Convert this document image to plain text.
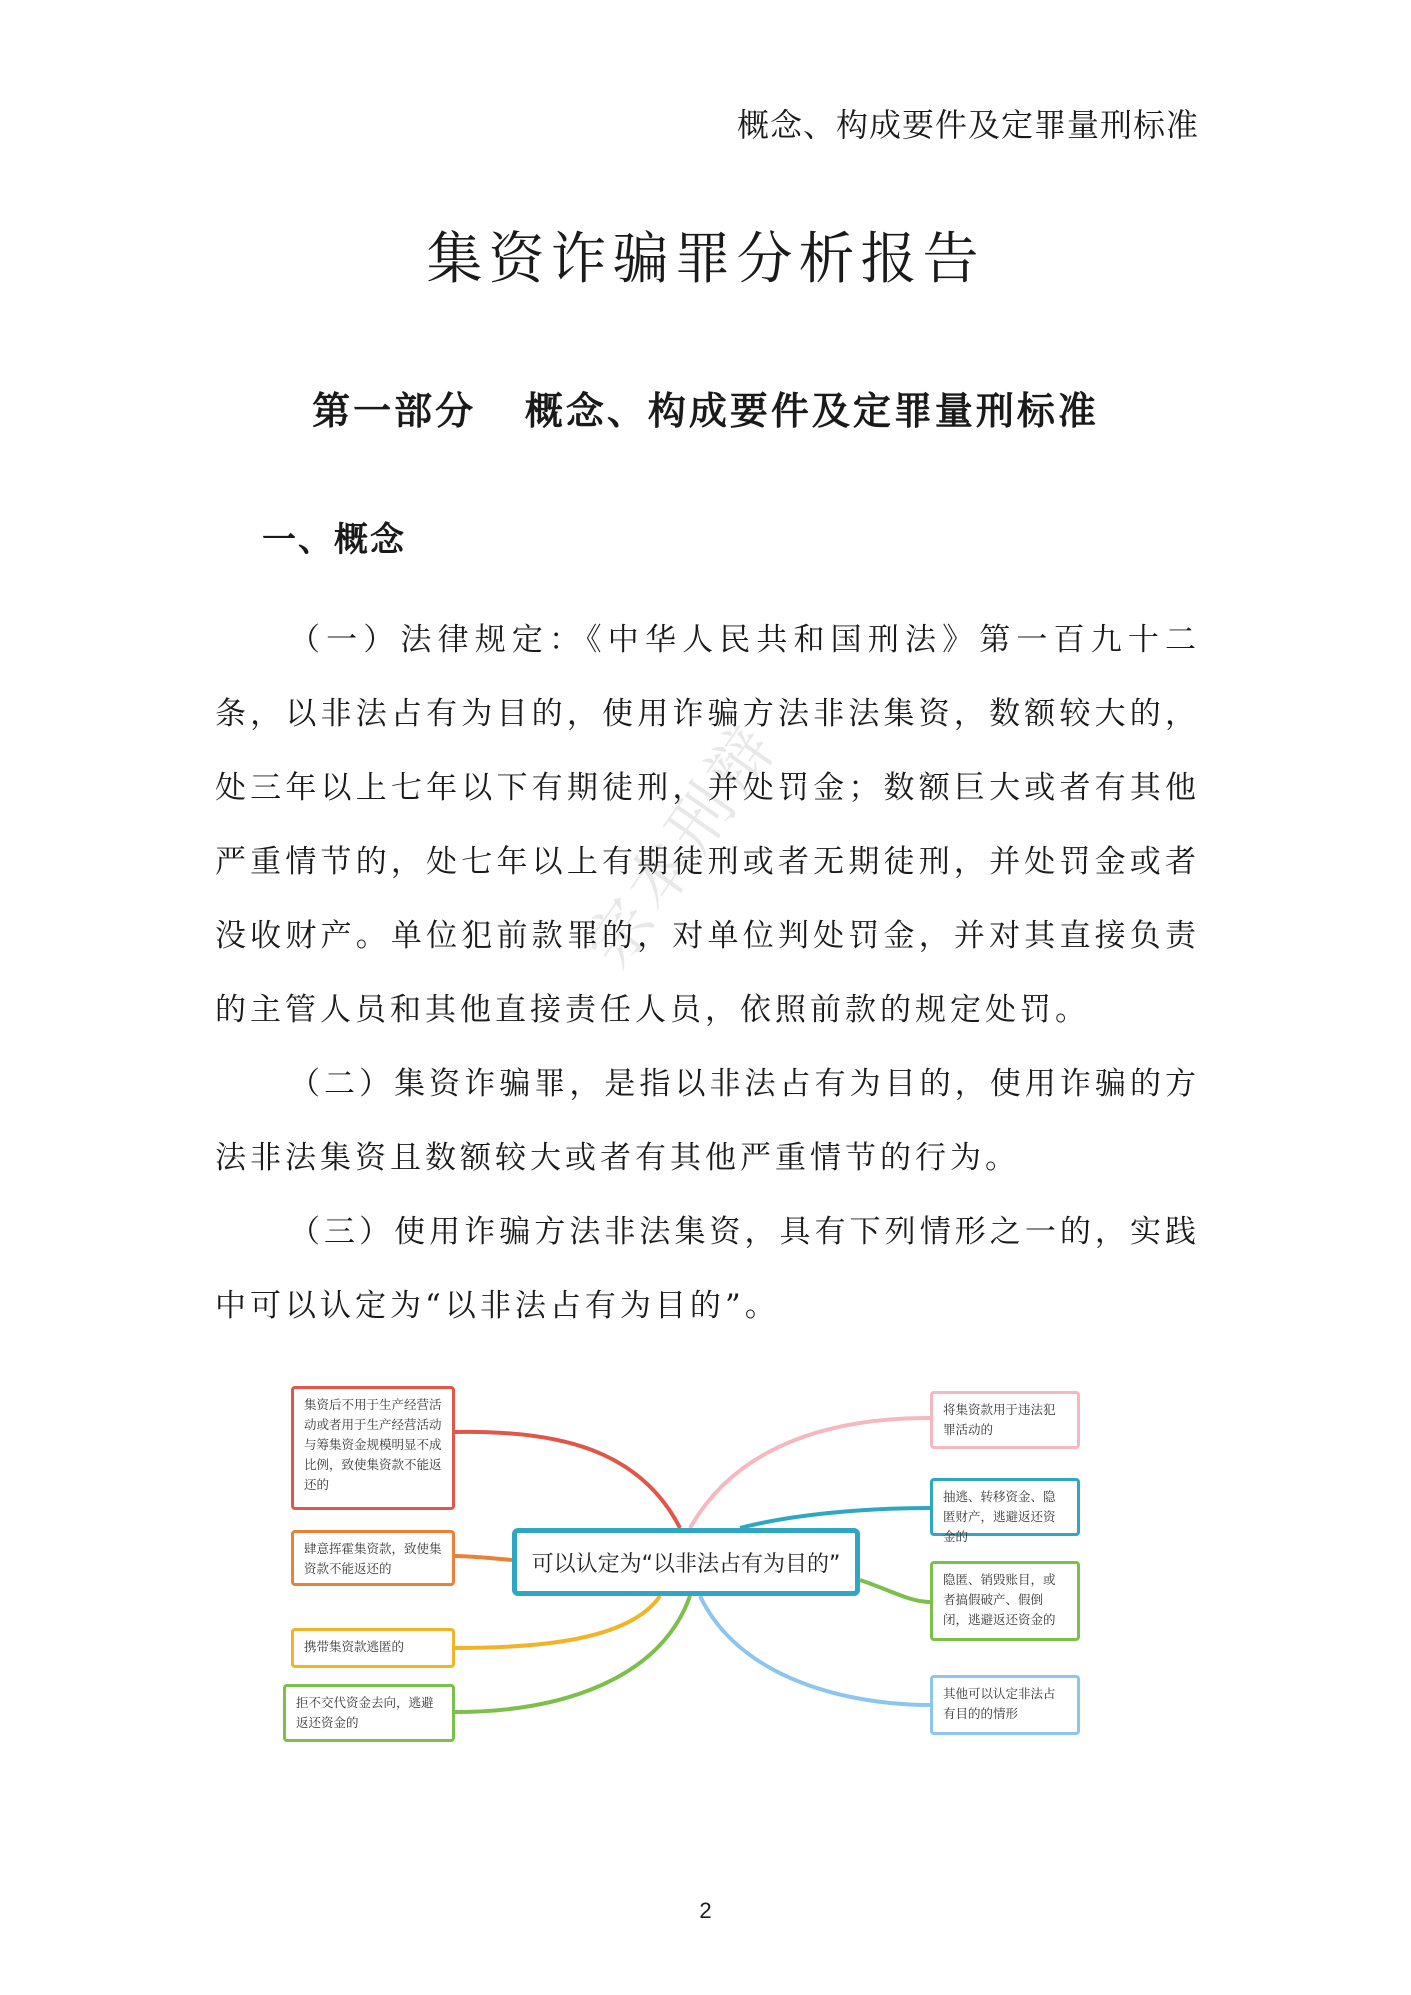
概念、构成要件及定罪量刑标准
集资诈骗罪分析报告
第一部分   概念、构成要件及定罪量刑标准
一、概念

（一）法律规定：《中华人民共和国刑法》第一百九十二条，以非法占有为目的，使用诈骗方法非法集资，数额较大的，处三年以上七年以下有期徒刑，并处罚金；数额巨大或者有其他严重情节的，处七年以上有期徒刑或者无期徒刑，并处罚金或者没收财产。单位犯前款罪的，对单位判处罚金，并对其直接负责的主管人员和其他直接责任人员，依照前款的规定处罚。

（二）集资诈骗罪，是指以非法占有为目的，使用诈骗的方法非法集资且数额较大或者有其他严重情节的行为。

（三）使用诈骗方法非法集资，具有下列情形之一的，实践中可以认定为“以非法占有为目的”。

宗本刑辩
可以认定为“以非法占有为目的”
集资后不用于生产经营活动或者用于生产经营活动与筹集资金规模明显不成比例，致使集资款不能返还的
肆意挥霍集资款，致使集资款不能返还的
携带集资款逃匿的
拒不交代资金去向，逃避返还资金的
将集资款用于违法犯罪活动的
抽逃、转移资金、隐匿财产，逃避返还资金的
隐匿、销毁账目，或者搞假破产、假倒闭，逃避返还资金的
其他可以认定非法占有目的的情形
2
